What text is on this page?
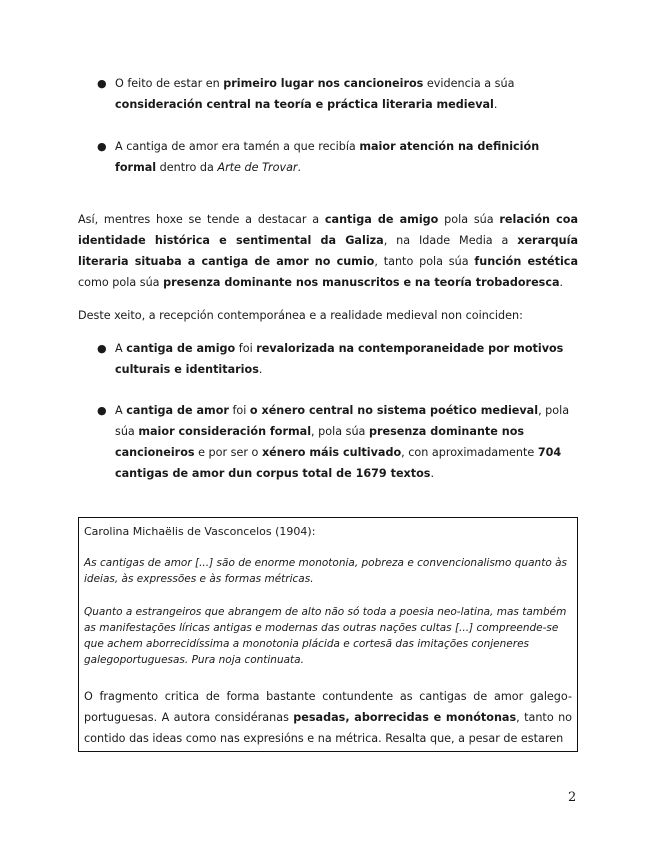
● O feito de estar en primeiro lugar nos cancioneiros evidencia a súa consideración central na teoría e práctica literaria medieval.
● A cantiga de amor era tamén a que recibía maior atención na definición formal dentro da Arte de Trovar.
Así, mentres hoxe se tende a destacar a cantiga de amigo pola súa relación coa identidade histórica e sentimental da Galiza, na Idade Media a xerarquía literaria situaba a cantiga de amor no cumio, tanto pola súa función estética como pola súa presenza dominante nos manuscritos e na teoría trobadoresca.
Deste xeito, a recepción contemporánea e a realidade medieval non coinciden:
● A cantiga de amigo foi revalorizada na contemporaneidade por motivos culturais e identitarios.
● A cantiga de amor foi o xénero central no sistema poético medieval, pola súa maior consideración formal, pola súa presenza dominante nos cancioneiros e por ser o xénero máis cultivado, con aproximadamente 704 cantigas de amor dun corpus total de 1679 textos.
Carolina Michaëlis de Vasconcelos (1904):
As cantigas de amor [...] são de enorme monotonia, pobreza e convencionalismo quanto às ideias, às expressões e às formas métricas.
Quanto a estrangeiros que abrangem de alto não só toda a poesia neo-latina, mas também as manifestações líricas antigas e modernas das outras nações cultas [...] compreende-se que achem aborrecidíssima a monotonia plácida e cortesã das imitações conjeneres galegoportuguesas. Pura noja continuata.
O fragmento critica de forma bastante contundente as cantigas de amor galego-portuguesas. A autora considéranas pesadas, aborrecidas e monótonas, tanto no contido das ideas como nas expresións e na métrica. Resalta que, a pesar de estaren
2
